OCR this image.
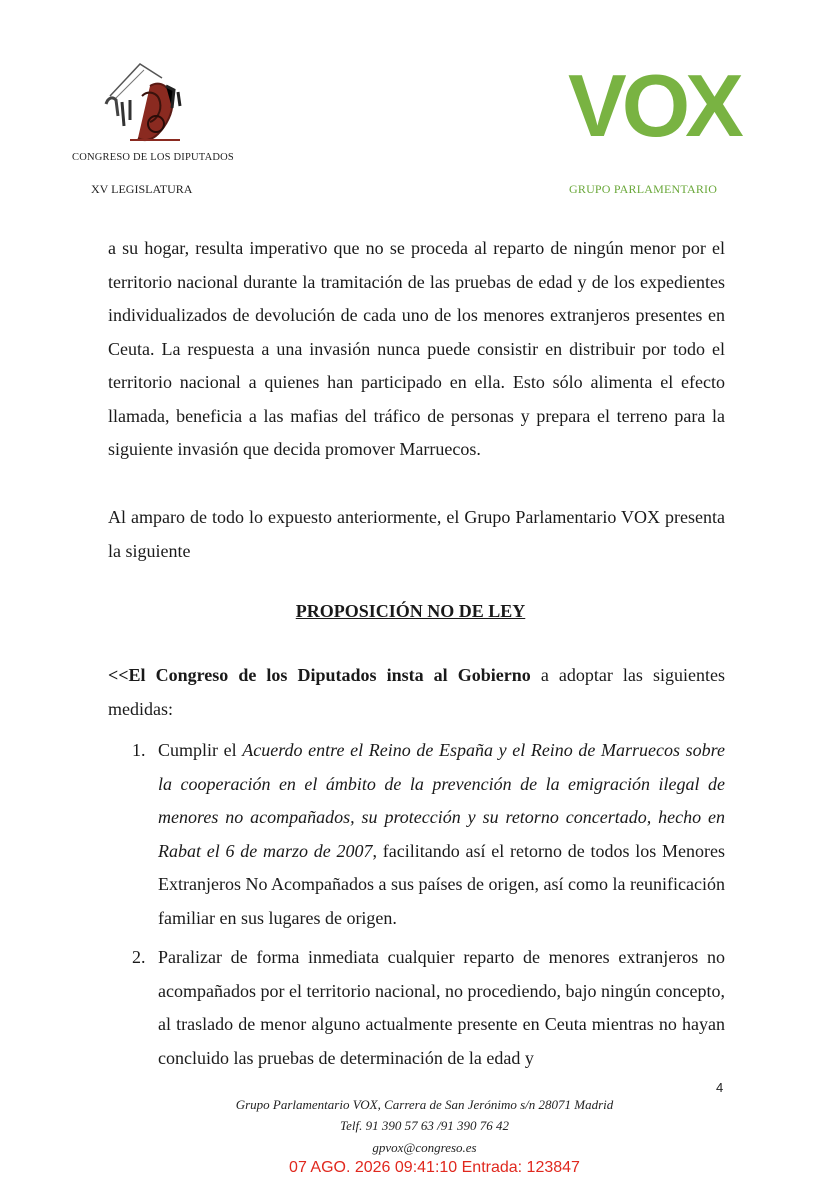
CONGRESO DE LOS DIPUTADOS
XV LEGISLATURA
VOX
GRUPO PARLAMENTARIO
a su hogar, resulta imperativo que no se proceda al reparto de ningún menor por el territorio nacional durante la tramitación de las pruebas de edad y de los expedientes individualizados de devolución de cada uno de los menores extranjeros presentes en Ceuta. La respuesta a una invasión nunca puede consistir en distribuir por todo el territorio nacional a quienes han participado en ella. Esto sólo alimenta el efecto llamada, beneficia a las mafias del tráfico de personas y prepara el terreno para la siguiente invasión que decida promover Marruecos.
Al amparo de todo lo expuesto anteriormente, el Grupo Parlamentario VOX presenta la siguiente
PROPOSICIÓN NO DE LEY
<<El Congreso de los Diputados insta al Gobierno a adoptar las siguientes medidas:
1. Cumplir el Acuerdo entre el Reino de España y el Reino de Marruecos sobre la cooperación en el ámbito de la prevención de la emigración ilegal de menores no acompañados, su protección y su retorno concertado, hecho en Rabat el 6 de marzo de 2007, facilitando así el retorno de todos los Menores Extranjeros No Acompañados a sus países de origen, así como la reunificación familiar en sus lugares de origen.
2. Paralizar de forma inmediata cualquier reparto de menores extranjeros no acompañados por el territorio nacional, no procediendo, bajo ningún concepto, al traslado de menor alguno actualmente presente en Ceuta mientras no hayan concluido las pruebas de determinación de la edad y
4
Grupo Parlamentario VOX, Carrera de San Jerónimo s/n 28071 Madrid
Telf. 91 390 57 63 /91 390 76 42
gpvox@congreso.es
07 AGO. 2026 09:41:10 Entrada: 123847
